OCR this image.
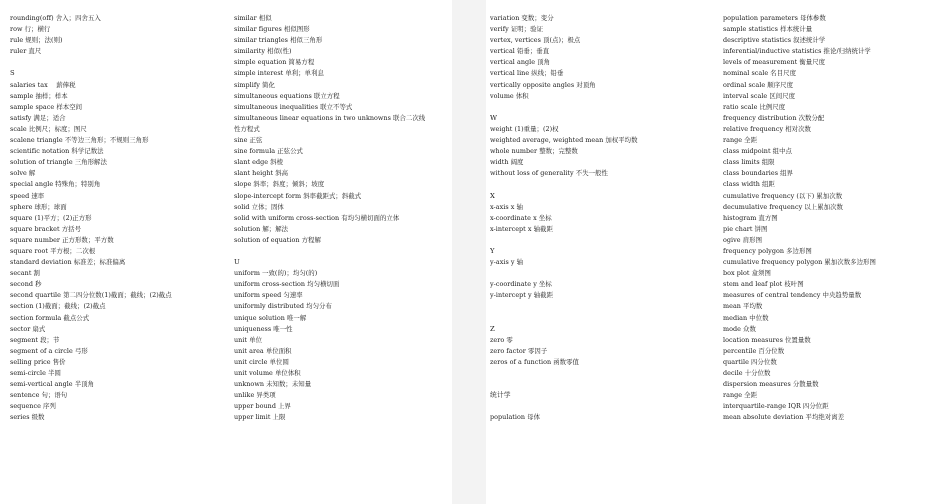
rounding(off) 舍入；四舍五入
row 行；横行
rule 规则；法(则)
ruler 直尺
S
salaries tax 　薪俸税
sample 抽样；样本
sample space 样本空间
satisfy 满足；适合
scale 比例尺；标度；图尺
scalene triangle 不等边三角形；不规则三角形
scientific notation 科学记数法
solution of triangle 三角形解法
solve 解
special angle 特殊角；特别角
speed 速率
sphere 球形；球面
square (1)平方；(2)正方形
square bracket 方括号
square number 正方形数；平方数
square root 平方根；二次根
standard deviation 标准差；标准偏离
secant 割
second 秒
second quartile 第二四分位数(1)截面；截线；(2)截点
section (1)截面；截线；(2)截点
section formula 截点公式
sector 扇式
segment 段；节
segment of a circle 弓形
selling price 售价
semi-circle 半圆
semi-vertical angle 半顶角
sentence 句；语句
sequence 序列
series 级数
similar 相似
similar figures 相似图形
similar triangles 相似三角形
similarity 相似(性)
simple equation 简易方程
simple interest 单利；单利息
simplify 简化
simultaneous equations 联立方程
simultaneous inequalities 联立不等式
simultaneous linear equations in two unknowns 联合二次线
性方程式
sine 正弦
sine formula 正弦公式
slant edge 斜棱
slant height 斜高
slope 斜率；斜度；倾斜；坡度
slope-intercept form 斜率截距式；斜截式
solid 立体；固体
solid with uniform cross-section 有均匀横切面的立体
solution 解；解法
solution of equation 方程解
U
uniform 一致(的)；均匀(的)
uniform cross-section 均匀横切面
uniform speed 匀速率
uniformly distributed 均匀分布
unique solution 唯一解
uniqueness 唯一性
unit 单位
unit area 单位面积
unit circle 单位圆
unit volume 单位体积
unknown 未知数；未知量
unlike 异类项
upper bound 上界
upper limit 上限
variation 变数；变分
verify 证明；验证
vertex, vertices 顶(点)；极点
vertical 铅垂；垂直
vertical angle 顶角
vertical line 纵线；铅垂
vertically opposite angles 对顶角
volume 体积
W
weight (1)重量；(2)权
weighted average, weighted mean 加权平均数
whole number 整数；完整数
width 阔度
without loss of generality 不失一般性
X
x-axis x 轴
x-coordinate x 坐标
x-intercept x 轴截距
Y
y-axis y 轴
y-coordinate y 坐标
y-intercept y 轴截距
Z
zero 零
zero factor 零因子
zeros of a function 函数零值
统计学
population 母体
population parameters 母体参数
sample statistics 样本统计量
descriptive statistics 叙述统计学
inferential/inductive statistics 推论/归纳统计学
levels of measurement 衡量尺度
nominal scale 名目尺度
ordinal scale 顺序尺度
interval scale 区间尺度
ratio scale 比例尺度
frequency distribution 次数分配
relative frequency 相对次数
range 全距
class midpoint 组中点
class limits 组限
class boundaries 组界
class width 组距
cumulative frequency (以下) 累加次数
decumulative frequency 以上累加次数
histogram 直方图
pie chart 饼图
ogive 肩形图
frequency polygon 多边形图
cumulative frequency polygon 累加次数多边形图
box plot 盒须图
stem and leaf plot 枝叶图
measures of central tendency 中央趋势量数
mean 平均数
median 中位数
mode 众数
location measures 位置量数
percentile 百分位数
quartile 四分位数
decile 十分位数
dispersion measures 分散量数
range 全距
interquartile-range IQR 四分位距
mean absolute deviation 平均绝对离差
